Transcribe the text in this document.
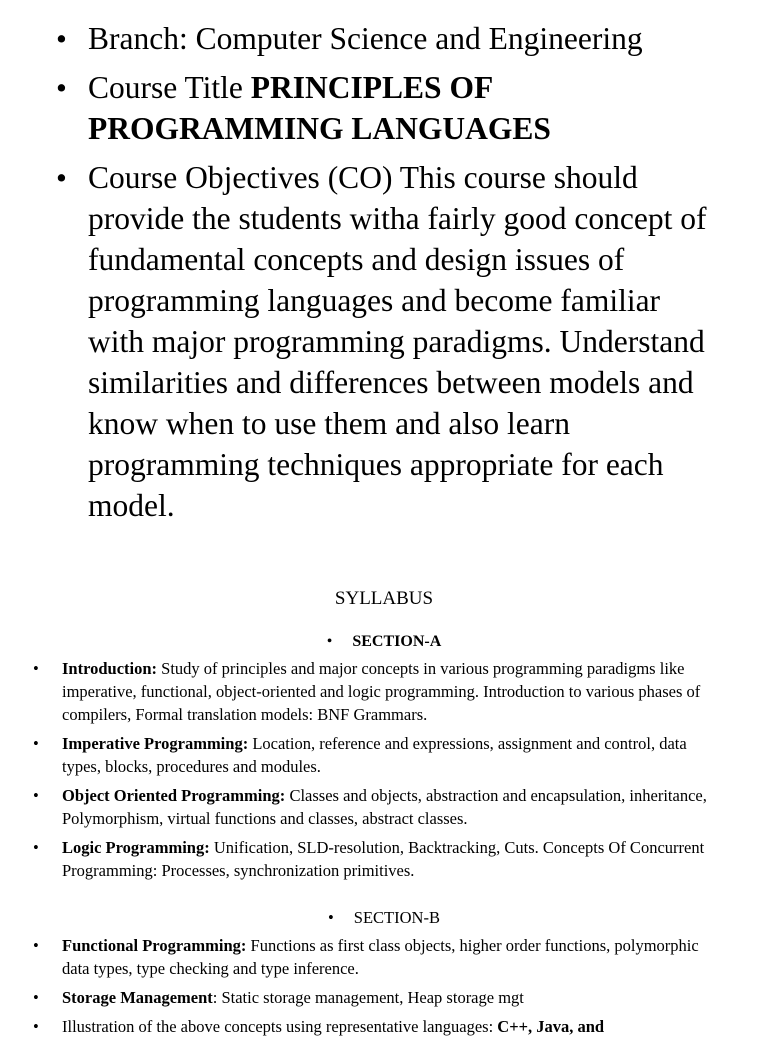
• Branch: Computer Science and Engineering
• Course Title PRINCIPLES OF PROGRAMMING LANGUAGES
• Course Objectives (CO) This course should provide the students witha fairly good concept of fundamental concepts and design issues of programming languages and become familiar with major programming paradigms. Understand similarities and differences between models and know when to use them and also learn programming techniques appropriate for each model.
SYLLABUS
• SECTION-A
• Introduction: Study of principles and major concepts in various programming paradigms like imperative, functional, object-oriented and logic programming. Introduction to various phases of compilers, Formal translation models: BNF Grammars.
• Imperative Programming: Location, reference and expressions, assignment and control, data types, blocks, procedures and modules.
• Object Oriented Programming: Classes and objects, abstraction and encapsulation, inheritance, Polymorphism, virtual functions and classes, abstract classes.
• Logic Programming: Unification, SLD-resolution, Backtracking, Cuts. Concepts Of Concurrent Programming: Processes, synchronization primitives.
• SECTION-B
• Functional Programming: Functions as first class objects, higher order functions, polymorphic data types, type checking and type inference.
• Storage Management: Static storage management, Heap storage mgt
• Illustration of the above concepts using representative languages: C++, Java, and
